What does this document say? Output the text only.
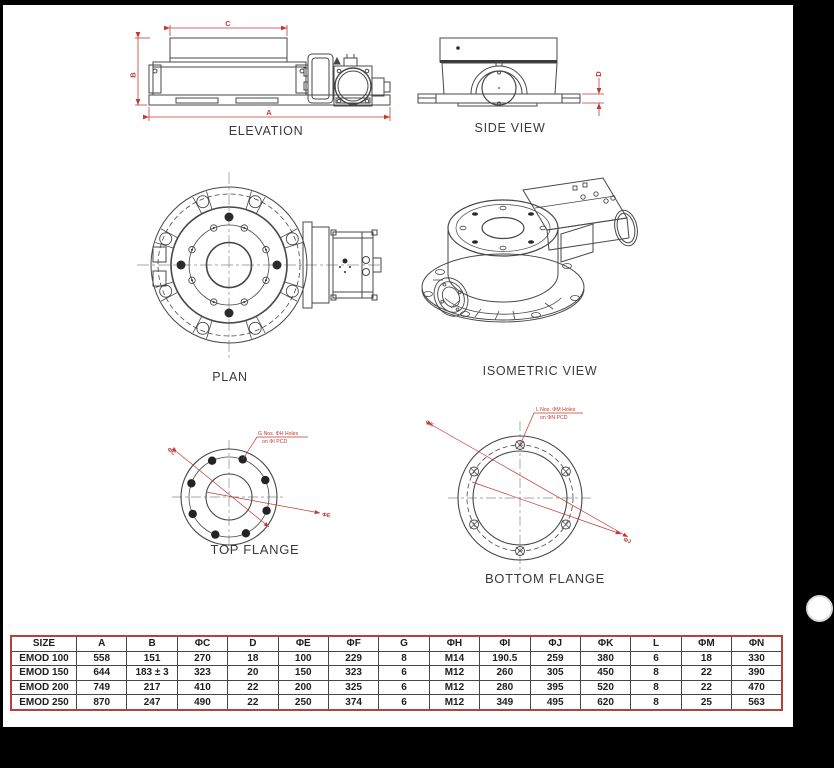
C
B
A
D
G Nos. ΦH Holes
on ΦI PCD
ΦC
ΦE
L Nos. ΦM Holes
on ΦN PCD
ΦK
ΦJ
ELEVATION	SIDE VIEW
PLAN	ISOMETRIC VIEW
TOP FLANGE
BOTTOM FLANGE
SIZE	A	B	ΦC	D	ΦE	ΦF	G	ΦH	ΦI	ΦJ	ΦK	L	ΦM	ΦN
EMOD 100	558	151	270	18	100	229	8	M14	190.5	259	380	6	18	330
EMOD 150	644	183 ± 3	323	20	150	323	6	M12	260	305	450	8	22	390
EMOD 200	749	217	410	22	200	325	6	M12	280	395	520	8	22	470
EMOD 250	870	247	490	22	250	374	6	M12	349	495	620	8	25	563
